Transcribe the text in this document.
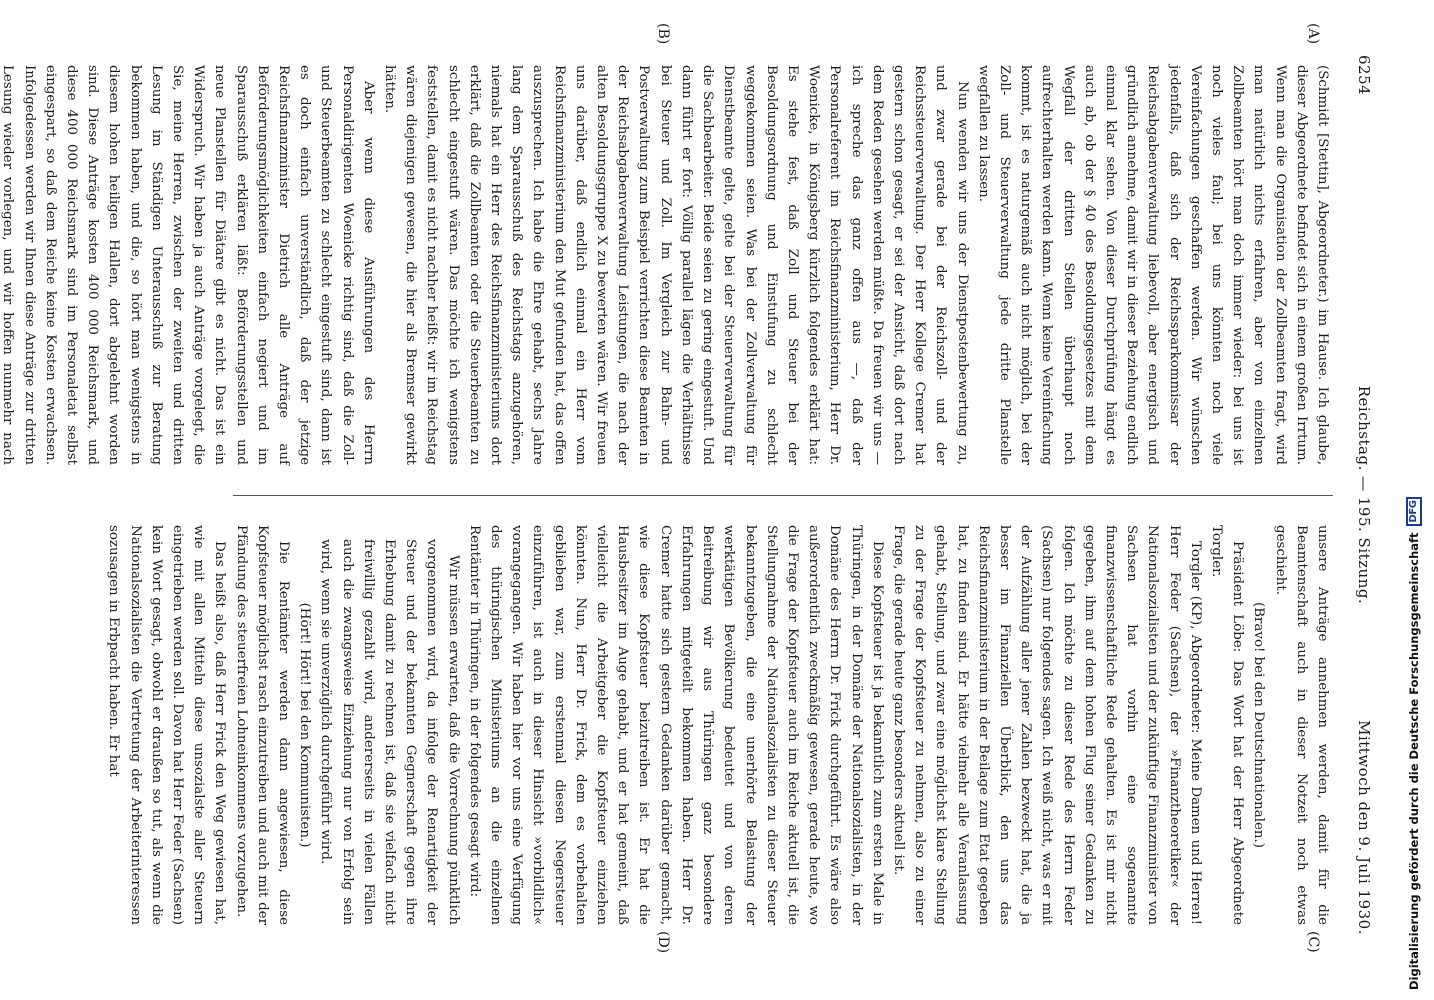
6254
Reichstag. — 195. Sitzung.
Mittwoch den 9. Juli 1930.

(Schmidt [Stettin], Abgeordneter.) im Hause. Ich glaube, dieser Abgeordnete befindet sich in einem großen Irrtum. Wenn man die Organisation der Zollbeamten fragt, wird man natürlich nichts erfahren, aber von einzelnen Zollbeamten hört man doch immer wieder: bei uns ist noch vieles faul; bei uns könnten noch viele Vereinfachungen geschaffen werden. Wir wünschen jedenfalls, daß sich der Reichssparkommissar der Reichsabgabenverwaltung liebevoll, aber energisch und gründlich annehme, damit wir in dieser Beziehung endlich einmal klar sehen. Von dieser Durchprüfung hängt es auch ab, ob der § 40 des Besoldungsgesetzes mit dem Wegfall der dritten Stellen überhaupt noch aufrechterhalten werden kann. Wenn keine Vereinfachung kommt, ist es naturgemäß auch nicht möglich, bei der Zoll- und Steuerverwaltung jede dritte Planstelle wegfallen zu lassen.

Nun wenden wir uns der Dienstpostenbewertung zu, und zwar gerade bei der Reichszoll- und der Reichssteuerverwaltung. Der Herr Kollege Cremer hat gestern schon gesagt, er sei der Ansicht, daß dort nach dem Reden gesehen werden müßte. Da freuen wir uns — ich spreche das ganz offen aus —, daß der Personalreferent im Reichsfinanzministerium, Herr Dr. Woenicke, in Königsberg kürzlich folgendes erklärt hat: Es stehe fest, daß Zoll und Steuer bei der Besoldungsordnung und Einstufung zu schlecht weggekommen seien. Was bei der Zollverwaltung für Dienstbeamte gelte, gelte bei der Steuerverwaltung für die Sachbearbeiter. Beide seien zu gering eingestuft. Und dann führt er fort: Völlig parallel lägen die Verhältnisse bei Steuer und Zoll. Im Vergleich zur Bahn- und Postverwaltung zum Beispiel verrichten diese Beamten in der Reichsabgabenverwaltung Leistungen, die nach der alten Besoldungsgruppe X zu bewerten wären. Wir freuen uns darüber, daß endlich einmal ein Herr vom Reichsfinanzministerium den Mut gefunden hat, das offen auszusprechen. Ich habe die Ehre gehabt, sechs Jahre lang dem Sparausschuß des Reichstags anzugehören, niemals hat ein Herr des Reichsfinanzministeriums dort erklärt, daß die Zollbeamten oder die Steuerbeamten zu schlecht eingestuft wären. Das möchte ich wenigstens feststellen, damit es nicht nachher heißt: wir im Reichstag wären diejenigen gewesen, die hier als Bremser gewirkt hätten.

Aber wenn diese Ausführungen des Herrn Personaldirigenten Woenicke richtig sind, daß die Zoll- und Steuerbeamten zu schlecht eingestuft sind, dann ist es doch einfach unverständlich, daß der jetzige Reichsfinanzminister Dietrich alle Anträge auf Beförderungsmöglichkeiten einfach negiert und im Sparausschuß erklären läßt: Beförderungsstellen und neue Planstellen für Diätare gibt es nicht. Das ist ein Widerspruch. Wir haben ja auch Anträge vorgelegt, die Sie, meine Herren, zwischen der zweiten und dritten Lesung im Ständigen Unterausschuß zur Beratung bekommen haben, und die, so hört man wenigstens in diesem hohen heiligen Hallen, dort abgelehnt worden sind. Diese Anträge kosten 400 000 Reichsmark, und diese 400 000 Reichsmark sind im Personaletat selbst eingespart, so daß dem Reiche keine Kosten erwachsen. Infolgedessen werden wir Ihnen diese Anträge zur dritten Lesung wieder vorlegen, und wir hoffen nunmehr nach

(A)
(B)
(C)
(D)

unsere Anträge annehmen werden, damit für die Beamtenschaft auch in dieser Notzeit noch etwas geschieht.

(Bravo! bei den Deutschnationalen.)

Präsident Löbe: Das Wort hat der Herr Abgeordnete Torgler.

Torgler (KP), Abgeordneter: Meine Damen und Herren! Herr Feder (Sachsen), der »Finanztheoretiker« der Nationalsozialisten und der zukünftige Finanzminister von Sachsen hat vorhin eine sogenannte finanzwissenschaftliche Rede gehalten. Es ist mir nicht gegeben, ihm auf dem hohen Flug seiner Gedanken zu folgen. Ich möchte zu dieser Rede des Herrn Feder (Sachsen) nur folgendes sagen. Ich weiß nicht, was er mit der Aufzählung aller jener Zahlen bezweckt hat, die ja besser im Finanziellen Überblick, den uns das Reichsfinanzministerium in der Beilage zum Etat gegeben hat, zu finden sind. Er hätte vielmehr alle Veranlassung gehabt, Stellung, und zwar eine möglichst klare Stellung zu der Frage der Kopfsteuer zu nehmen, also zu einer Frage, die gerade heute ganz besonders aktuell ist.

Diese Kopfsteuer ist ja bekanntlich zum ersten Male in Thüringen, in der Domäne der Nationalsozialisten, in der Domäne des Herrn Dr. Frick durchgeführt. Es wäre also außerordentlich zweckmäßig gewesen, gerade heute, wo die Frage der Kopfsteuer auch im Reiche aktuell ist, die Stellungnahme der Nationalsozialisten zu dieser Steuer bekanntzugeben, die eine unerhörte Belastung der werktätigen Bevölkerung bedeutet und von deren Beitreibung wir aus Thüringen ganz besondere Erfahrungen mitgeteilt bekommen haben. Herr Dr. Cremer hatte sich gestern Gedanken darüber gemacht, wie diese Kopfsteuer beizutreiben ist. Er hat die Hausbesitzer im Auge gehabt, und er hat gemeint, daß vielleicht die Arbeitgeber die Kopfsteuer einziehen könnten. Nun, Herr Dr. Frick, dem es vorbehalten geblieben war, zum erstenmal diesen Negersteuer einzuführen, ist auch in dieser Hinsicht »vorbildlich« vorangegangen. Wir haben hier vor uns eine Verfügung des thüringischen Ministeriums an die einzelnen Rentämter in Thüringen, in der folgendes gesagt wird:

Wir müssen erwarten, daß die Vorrechnung pünktlich vorgenommen wird, da infolge der Renartigkeit der Steuer und der bekannten Gegnerschaft gegen ihre Erhebung damit zu rechnen ist, daß sie vielfach nicht freiwillig gezahlt wird, andererseits in vielen Fällen auch die zwangsweise Einziehung nur von Erfolg sein wird, wenn sie unverzüglich durchgeführt wird.

(Hört! Hört! bei den Kommunisten.)

Die Rentämter werden dann angewiesen, diese Kopfsteuer möglichst rasch einzutreiben und auch mit der Pfändung des steuerfreien Lohneinkommens vorzugehen.

Das heißt also, daß Herr Frick den Weg gewiesen hat, wie mit allen Mitteln diese unsozialste aller Steuern eingetrieben werden soll. Davon hat Herr Feder (Sachsen) kein Wort gesagt, obwohl er draußen so tut, als wenn die Nationalsozialisten die Vertretung der Arbeiterinteressen sozusagen in Erbpacht haben. Er hat	Digitalisierung gefördert durch die Deutsche Forschungsgemeinschaft
DFG
